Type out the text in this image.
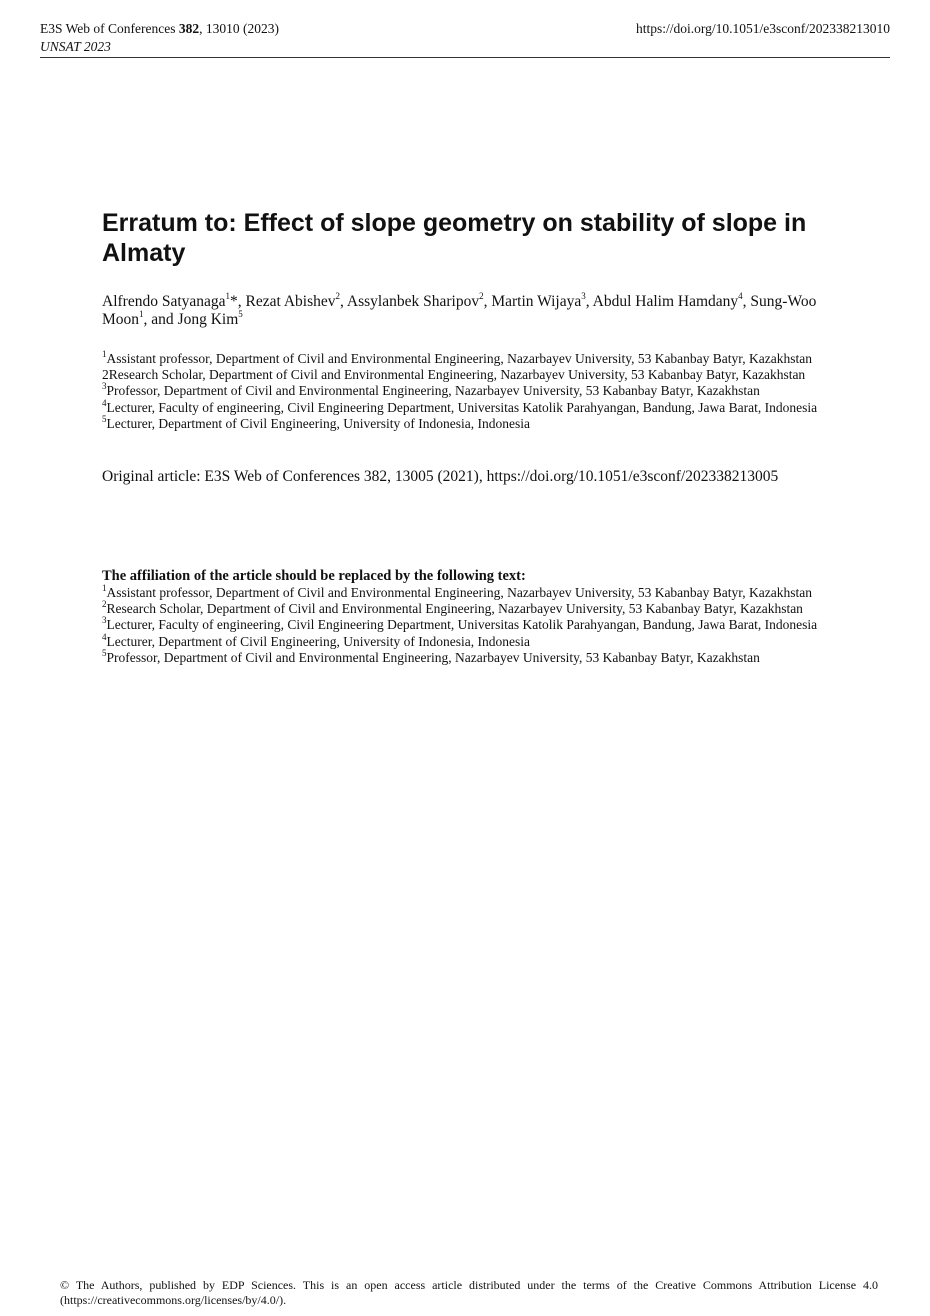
E3S Web of Conferences 382, 13010 (2023)
UNSAT 2023
https://doi.org/10.1051/e3sconf/202338213010
Erratum to: Effect of slope geometry on stability of slope in Almaty

Alfrendo Satyanaga$^1$*, Rezat Abishev$^2$, Assylanbek Sharipov$^2$, Martin Wijaya$^3$, Abdul Halim Hamdany$^4$, Sung-Woo Moon$^1$, and Jong Kim$^5$

$^1$Assistant professor, Department of Civil and Environmental Engineering, Nazarbayev University, 53 Kabanbay Batyr, Kazakhstan
2Research Scholar, Department of Civil and Environmental Engineering, Nazarbayev University, 53 Kabanbay Batyr, Kazakhstan
$^3$Professor, Department of Civil and Environmental Engineering, Nazarbayev University, 53 Kabanbay Batyr, Kazakhstan
$^4$Lecturer, Faculty of engineering, Civil Engineering Department, Universitas Katolik Parahyangan, Bandung, Jawa Barat, Indonesia
$^5$Lecturer, Department of Civil Engineering, University of Indonesia, Indonesia

Original article: E3S Web of Conferences 382, 13005 (2021), https://doi.org/10.1051/e3sconf/202338213005

The affiliation of the article should be replaced by the following text:

$^1$Assistant professor, Department of Civil and Environmental Engineering, Nazarbayev University, 53 Kabanbay Batyr, Kazakhstan
$^2$Research Scholar, Department of Civil and Environmental Engineering, Nazarbayev University, 53 Kabanbay Batyr, Kazakhstan
$^3$Lecturer, Faculty of engineering, Civil Engineering Department, Universitas Katolik Parahyangan, Bandung, Jawa Barat, Indonesia
$^4$Lecturer, Department of Civil Engineering, University of Indonesia, Indonesia
$^5$Professor, Department of Civil and Environmental Engineering, Nazarbayev University, 53 Kabanbay Batyr, Kazakhstan
© The Authors, published by EDP Sciences. This is an open access article distributed under the terms of the Creative Commons Attribution License 4.0 (https://creativecommons.org/licenses/by/4.0/).
